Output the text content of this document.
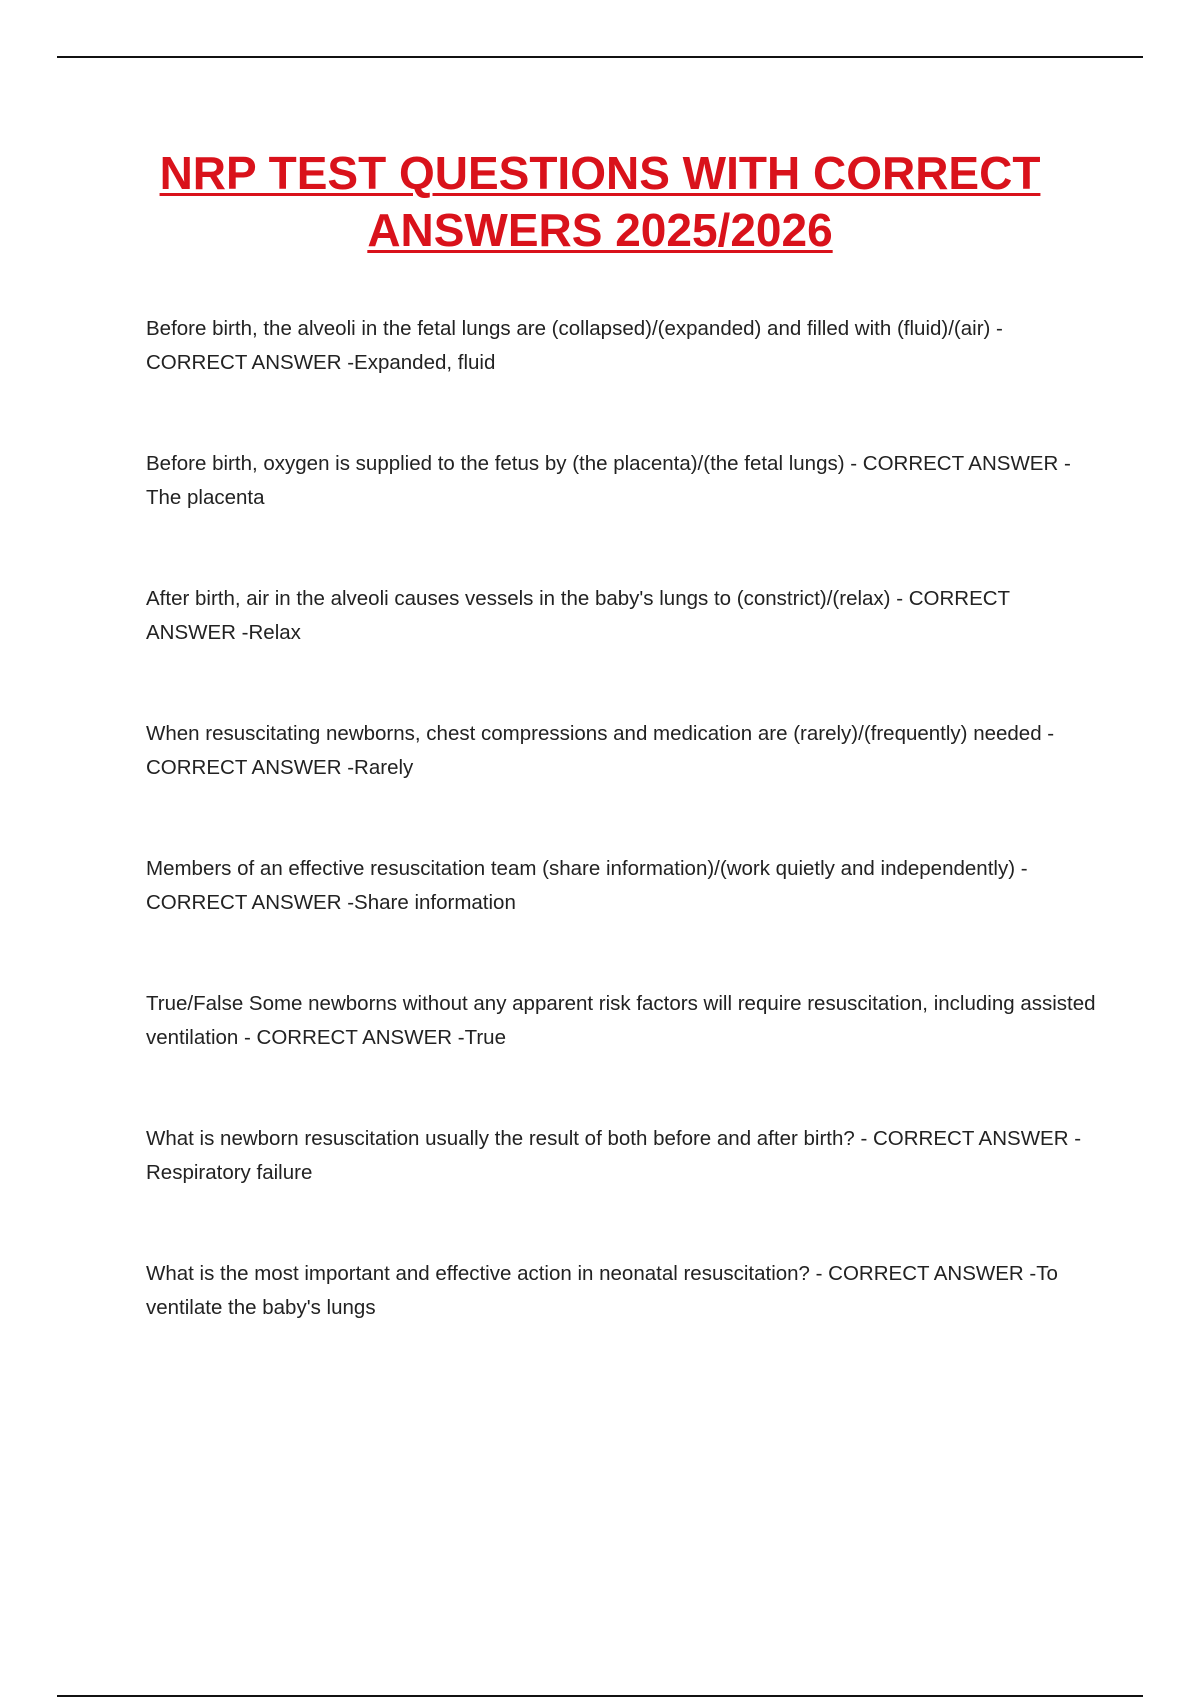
NRP TEST QUESTIONS WITH CORRECT ANSWERS 2025/2026
Before birth, the alveoli in the fetal lungs are (collapsed)/(expanded) and filled with (fluid)/(air) - CORRECT ANSWER -Expanded, fluid
Before birth, oxygen is supplied to the fetus by (the placenta)/(the fetal lungs) - CORRECT ANSWER -The placenta
After birth, air in the alveoli causes vessels in the baby's lungs to (constrict)/(relax) - CORRECT ANSWER -Relax
When resuscitating newborns, chest compressions and medication are (rarely)/(frequently) needed - CORRECT ANSWER -Rarely
Members of an effective resuscitation team (share information)/(work quietly and independently) - CORRECT ANSWER -Share information
True/False Some newborns without any apparent risk factors will require resuscitation, including assisted ventilation - CORRECT ANSWER -True
What is newborn resuscitation usually the result of both before and after birth? - CORRECT ANSWER -Respiratory failure
What is the most important and effective action in neonatal resuscitation? - CORRECT ANSWER -To ventilate the baby's lungs
